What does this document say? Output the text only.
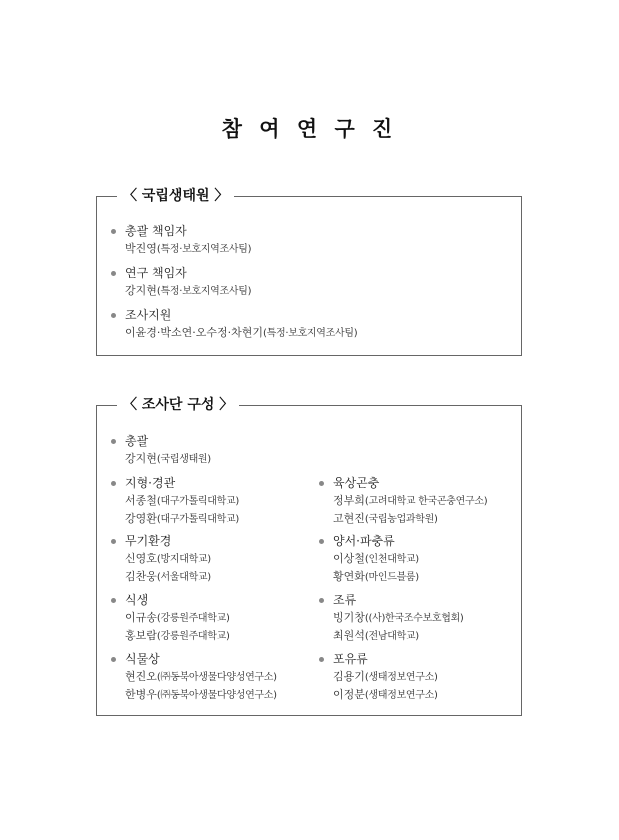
참 여 연 구 진
〈 국립생태원 〉
총괄 책임자
박진영(특정·보호지역조사팀)
연구 책임자
강지현(특정·보호지역조사팀)
조사지원
이윤경·박소연·오수정·차현기(특정·보호지역조사팀)
〈 조사단 구성 〉
총괄
강지현(국립생태원)
지형·경관
서종철(대구가톨릭대학교)
강영환(대구가톨릭대학교)
무기환경
신영호(방지대학교)
김찬웅(서울대학교)
식생
이규송(강릉원주대학교)
홍보람(강릉원주대학교)
식물상
현진오(㈜동북아생물다양성연구소)
한병우(㈜동북아생물다양성연구소)
육상곤충
정부희(고려대학교 한국곤충연구소)
고현진(국립농업과학원)
양서·파충류
이상철(인천대학교)
황연화(마인드블룸)
조류
빙기창((사)한국조수보호협회)
최원석(전남대학교)
포유류
김용기(생태정보연구소)
이정분(생태정보연구소)
